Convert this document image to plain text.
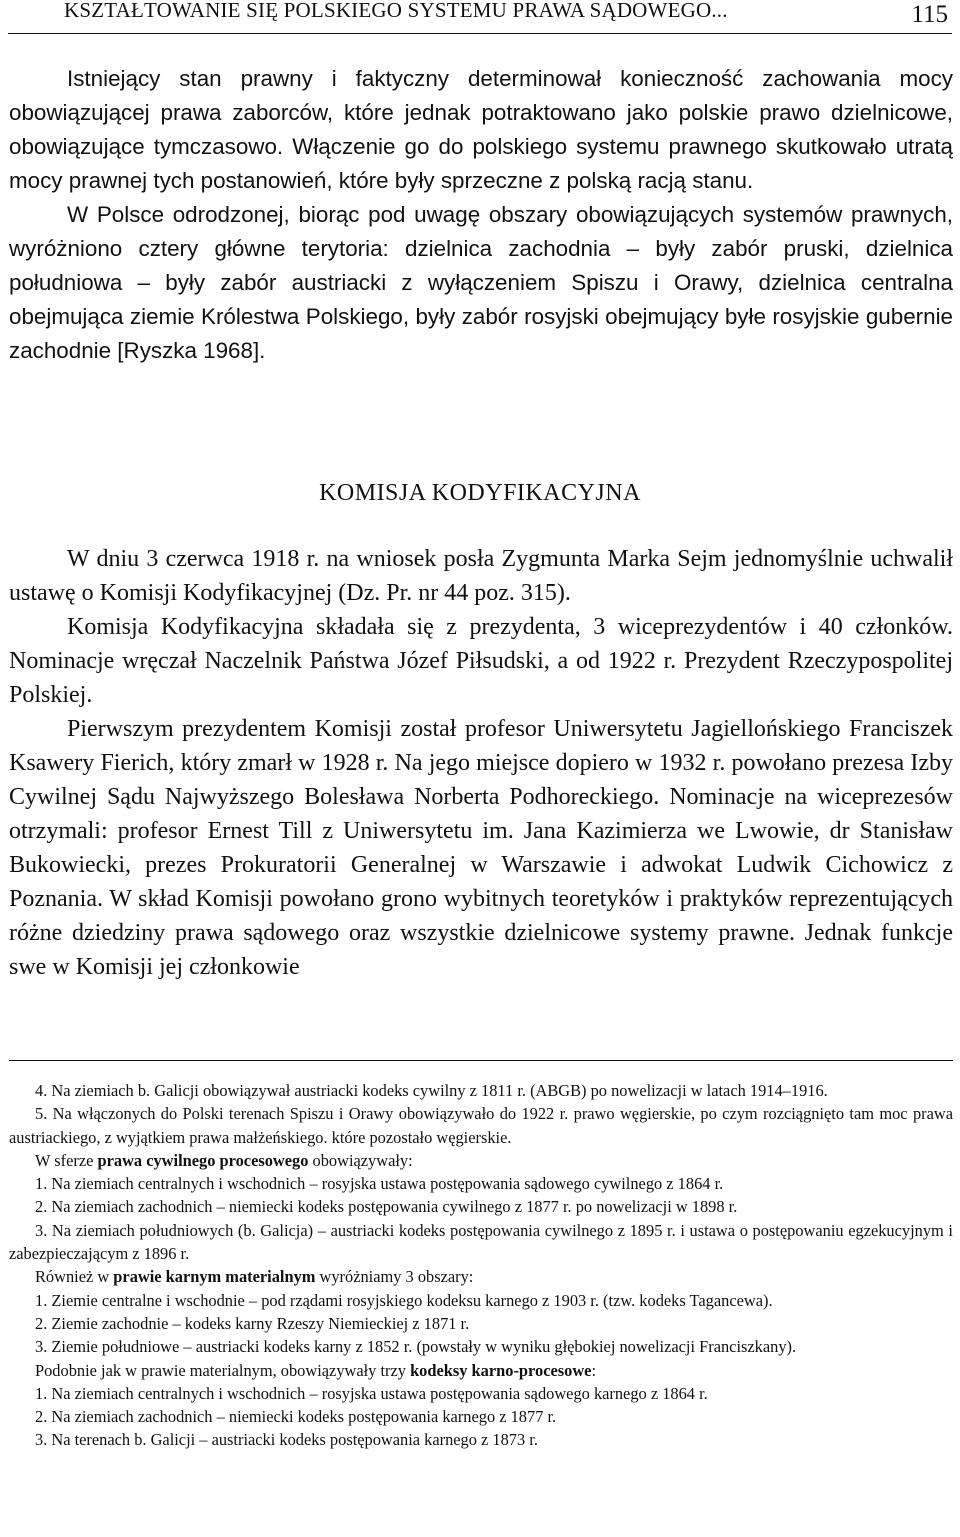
KSZTAŁTOWANIE SIĘ POLSKIEGO SYSTEMU PRAWA SĄDOWEGO...	115

Istniejący stan prawny i faktyczny determinował konieczność zachowania mocy obowiązującej prawa zaborców, które jednak potraktowano jako polskie prawo dzielnicowe, obowiązujące tymczasowo. Włączenie go do polskiego systemu prawnego skutkowało utratą mocy prawnej tych postanowień, które były sprzeczne z polską racją stanu.

W Polsce odrodzonej, biorąc pod uwagę obszary obowiązujących systemów prawnych, wyróżniono cztery główne terytoria: dzielnica zachodnia – były zabór pruski, dzielnica południowa – były zabór austriacki z wyłączeniem Spiszu i Orawy, dzielnica centralna obejmująca ziemie Królestwa Polskiego, były zabór rosyjski obejmujący byłe rosyjskie gubernie zachodnie [Ryszka 1968].

KOMISJA KODYFIKACYJNA

W dniu 3 czerwca 1918 r. na wniosek posła Zygmunta Marka Sejm jednomyślnie uchwalił ustawę o Komisji Kodyfikacyjnej (Dz. Pr. nr 44 poz. 315).

Komisja Kodyfikacyjna składała się z prezydenta, 3 wiceprezydentów i 40 członków. Nominacje wręczał Naczelnik Państwa Józef Piłsudski, a od 1922 r. Prezydent Rzeczypospolitej Polskiej.

Pierwszym prezydentem Komisji został profesor Uniwersytetu Jagiellońskiego Franciszek Ksawery Fierich, który zmarł w 1928 r. Na jego miejsce dopiero w 1932 r. powołano prezesa Izby Cywilnej Sądu Najwyższego Bolesława Norberta Podhoreckiego. Nominacje na wiceprezesów otrzymali: profesor Ernest Till z Uniwersytetu im. Jana Kazimierza we Lwowie, dr Stanisław Bukowiecki, prezes Prokuratorii Generalnej w Warszawie i adwokat Ludwik Cichowicz z Poznania. W skład Komisji powołano grono wybitnych teoretyków i praktyków reprezentujących różne dziedziny prawa sądowego oraz wszystkie dzielnicowe systemy prawne. Jednak funkcje swe w Komisji jej członkowie

4. Na ziemiach b. Galicji obowiązywał austriacki kodeks cywilny z 1811 r. (ABGB) po nowelizacji w latach 1914–1916.

5. Na włączonych do Polski terenach Spiszu i Orawy obowiązywało do 1922 r. prawo węgierskie, po czym rozciągnięto tam moc prawa austriackiego, z wyjątkiem prawa małżeńskiego. które pozostało węgierskie.

W sferze prawa cywilnego procesowego obowiązywały:

1. Na ziemiach centralnych i wschodnich – rosyjska ustawa postępowania sądowego cywilnego z 1864 r.

2. Na ziemiach zachodnich – niemiecki kodeks postępowania cywilnego z 1877 r. po nowelizacji w 1898 r.

3. Na ziemiach południowych (b. Galicja) – austriacki kodeks postępowania cywilnego z 1895 r. i ustawa o postępowaniu egzekucyjnym i zabezpieczającym z 1896 r.

Również w prawie karnym materialnym wyróżniamy 3 obszary:

1. Ziemie centralne i wschodnie – pod rządami rosyjskiego kodeksu karnego z 1903 r. (tzw. kodeks Tagancewa).

2. Ziemie zachodnie – kodeks karny Rzeszy Niemieckiej z 1871 r.

3. Ziemie południowe – austriacki kodeks karny z 1852 r. (powstały w wyniku głębokiej nowelizacji Franciszkany).

Podobnie jak w prawie materialnym, obowiązywały trzy kodeksy karno-procesowe:

1. Na ziemiach centralnych i wschodnich – rosyjska ustawa postępowania sądowego karnego z 1864 r.

2. Na ziemiach zachodnich – niemiecki kodeks postępowania karnego z 1877 r.

3. Na terenach b. Galicji – austriacki kodeks postępowania karnego z 1873 r.
